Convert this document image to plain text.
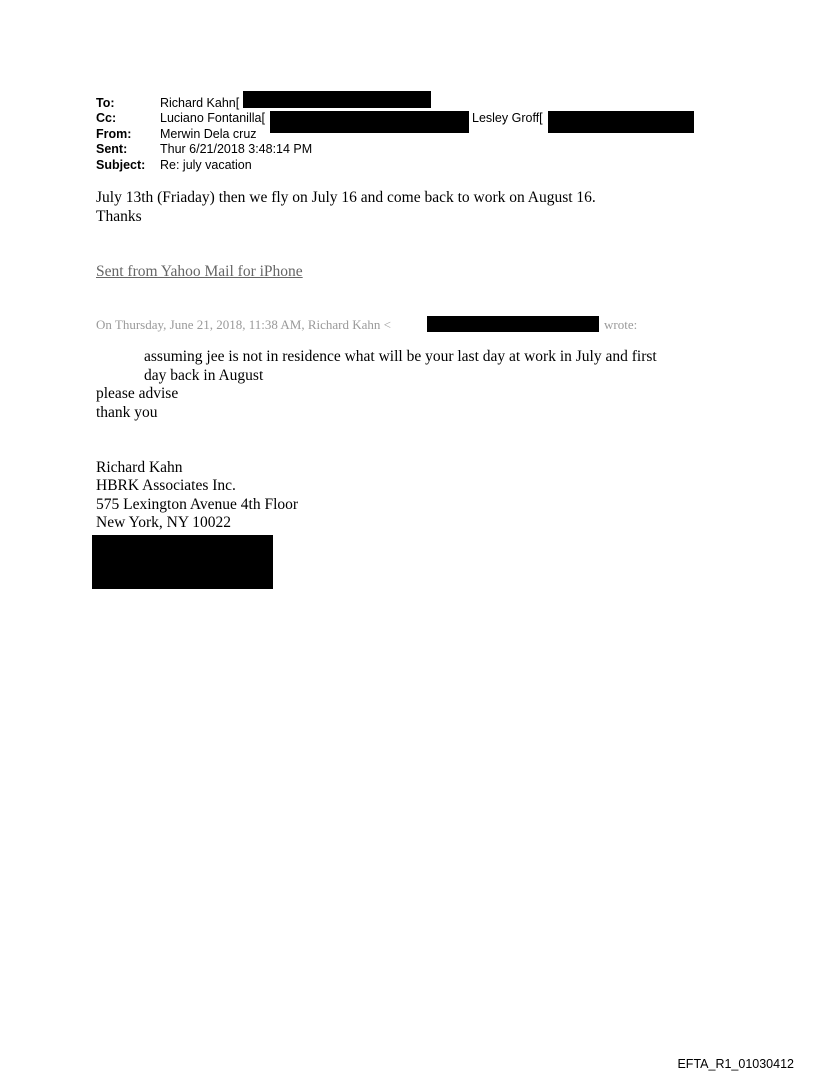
To:	Richard Kahn[
Cc:	Luciano Fontanilla[	Lesley Groff[
From: Merwin Dela cruz
Sent:	Thur 6/21/2018 3:48:14 PM
Subject: Re: july vacation
July 13th (Friaday) then we fly on July 16 and come back to work on August 16.
Thanks
Sent from Yahoo Mail for iPhone
On Thursday, June 21, 2018, 11:38 AM, Richard Kahn <	wrote:
assuming jee is not in residence what will be your last day at work in July and first
day back in August
please advise
thank you
Richard Kahn
HBRK Associates Inc.
575 Lexington Avenue 4th Floor
New York, NY 10022
EFTA_R1_01030412
